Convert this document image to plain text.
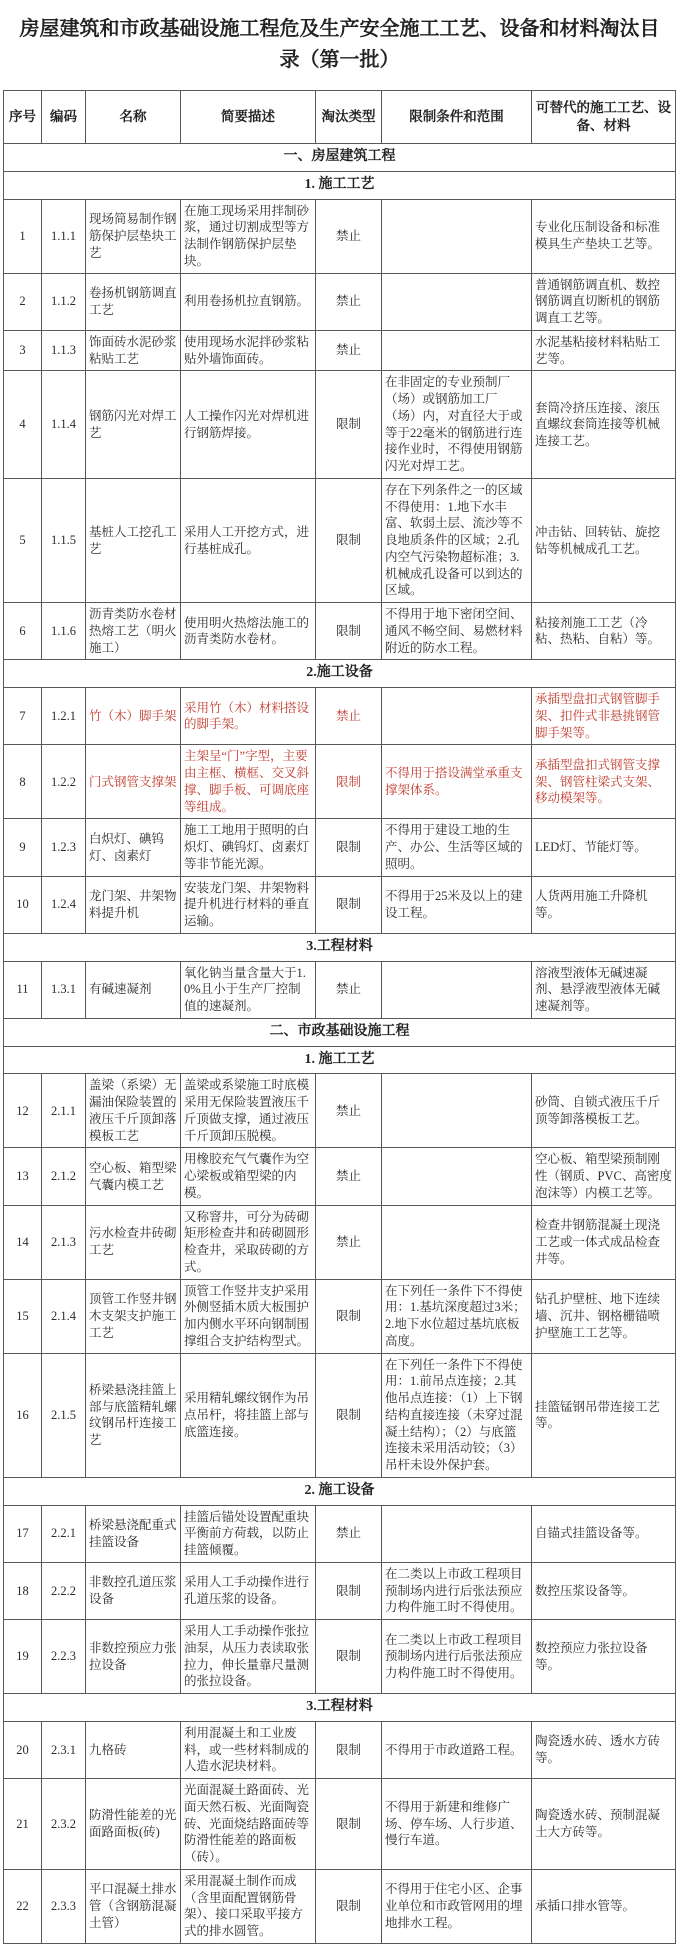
房屋建筑和市政基础设施工程危及生产安全施工工艺、设备和材料淘汰目录（第一批）
序号	编码	名称	简要描述	淘汰类型	限制条件和范围	可替代的施工工艺、设备、材料
一、房屋建筑工程						
1. 施工工艺						
1	1.1.1	现场简易制作钢筋保护层垫块工艺	在施工现场采用拌制砂浆，通过切割成型等方法制作钢筋保护层垫块。	禁止		专业化压制设备和标准模具生产垫块工艺等。
2	1.1.2	卷扬机钢筋调直工艺	利用卷扬机拉直钢筋。	禁止		普通钢筋调直机、数控钢筋调直切断机的钢筋调直工艺等。
3	1.1.3	饰面砖水泥砂浆粘贴工艺	使用现场水泥拌砂浆粘贴外墙饰面砖。	禁止		水泥基粘接材料粘贴工艺等。
4	1.1.4	钢筋闪光对焊工艺	人工操作闪光对焊机进行钢筋焊接。	限制	在非固定的专业预制厂（场）或钢筋加工厂（场）内，对直径大于或等于22毫米的钢筋进行连接作业时，不得使用钢筋闪光对焊工艺。	套筒冷挤压连接、滚压直螺纹套筒连接等机械连接工艺。
5	1.1.5	基桩人工挖孔工艺	采用人工开挖方式，进行基桩成孔。	限制	存在下列条件之一的区域不得使用：1.地下水丰富、软弱土层、流沙等不良地质条件的区域；2.孔内空气污染物超标准；3.机械成孔设备可以到达的区域。	冲击钻、回转钻、旋挖钻等机械成孔工艺。
6	1.1.6	沥青类防水卷材热熔工艺（明火施工）	使用明火热熔法施工的沥青类防水卷材。	限制	不得用于地下密闭空间、通风不畅空间、易燃材料附近的防水工程。	粘接剂施工工艺（冷粘、热粘、自粘）等。
2.施工设备						
7	1.2.1	竹（木）脚手架	采用竹（木）材料搭设的脚手架。	禁止		承插型盘扣式钢管脚手架、扣件式非悬挑钢管脚手架等。
8	1.2.2	门式钢管支撑架	主架呈“门”字型，主要由主框、横框、交叉斜撑、脚手板、可调底座等组成。	限制	不得用于搭设满堂承重支撑架体系。	承插型盘扣式钢管支撑架、钢管柱梁式支架、移动模架等。
9	1.2.3	白炽灯、碘钨灯、卤素灯	施工工地用于照明的白炽灯、碘钨灯、卤素灯等非节能光源。	限制	不得用于建设工地的生产、办公、生活等区域的照明。	LED灯、节能灯等。
10	1.2.4	龙门架、井架物料提升机	安装龙门架、井架物料提升机进行材料的垂直运输。	限制	不得用于25米及以上的建设工程。	人货两用施工升降机等。
3.工程材料						
11	1.3.1	有碱速凝剂	氧化钠当量含量大于1.0%且小于生产厂控制值的速凝剂。	禁止		溶液型液体无碱速凝剂、悬浮液型液体无碱速凝剂等。
二、市政基础设施工程						
1. 施工工艺						
12	2.1.1	盖梁（系梁）无漏油保险装置的液压千斤顶卸落模板工艺	盖梁或系梁施工时底模采用无保险装置液压千斤顶做支撑，通过液压千斤顶卸压脱模。	禁止		砂筒、自锁式液压千斤顶等卸落模板工艺。
13	2.1.2	空心板、箱型梁气囊内模工艺	用橡胶充气气囊作为空心梁板或箱型梁的内模。	禁止		空心板、箱型梁预制刚性（钢质、PVC、高密度泡沫等）内模工艺等。
14	2.1.3	污水检查井砖砌工艺	又称窨井，可分为砖砌矩形检查井和砖砌圆形检查井，采取砖砌的方式。	禁止		检查井钢筋混凝土现浇工艺或一体式成品检查井等。
15	2.1.4	顶管工作竖井钢木支架支护施工工艺	顶管工作竖井支护采用外侧竖插木质大板围护加内侧水平环向钢制围撑组合支护结构型式。	限制	在下列任一条件下不得使用：1.基坑深度超过3米；2.地下水位超过基坑底板高度。	钻孔护壁桩、地下连续墙、沉井、钢格栅锚喷护壁施工工艺等。
16	2.1.5	桥梁悬浇挂篮上部与底篮精轧螺纹钢吊杆连接工艺	采用精轧螺纹钢作为吊点吊杆，将挂篮上部与底篮连接。	限制	在下列任一条件下不得使用：1.前吊点连接；2.其他吊点连接：（1）上下钢结构直接连接（未穿过混凝土结构）；（2）与底篮连接未采用活动铰；（3）吊杆未设外保护套。	挂篮锰钢吊带连接工艺等。
2. 施工设备						
17	2.2.1	桥梁悬浇配重式挂篮设备	挂篮后锚处设置配重块平衡前方荷载，以防止挂篮倾覆。	禁止		自锚式挂篮设备等。
18	2.2.2	非数控孔道压浆设备	采用人工手动操作进行孔道压浆的设备。	限制	在二类以上市政工程项目预制场内进行后张法预应力构件施工时不得使用。	数控压浆设备等。
19	2.2.3	非数控预应力张拉设备	采用人工手动操作张拉油泵，从压力表读取张拉力，伸长量靠尺量测的张拉设备。	限制	在二类以上市政工程项目预制场内进行后张法预应力构件施工时不得使用。	数控预应力张拉设备等。
3.工程材料						
20	2.3.1	九格砖	利用混凝土和工业废料，或一些材料制成的人造水泥块材料。	限制	不得用于市政道路工程。	陶瓷透水砖、透水方砖等。
21	2.3.2	防滑性能差的光面路面板(砖)	光面混凝土路面砖、光面天然石板、光面陶瓷砖、光面烧结路面砖等防滑性能差的路面板（砖）。	限制	不得用于新建和维修广场、停车场、人行步道、慢行车道。	陶瓷透水砖、预制混凝土大方砖等。
22	2.3.3	平口混凝土排水管（含钢筋混凝土管）	采用混凝土制作而成（含里面配置钢筋骨架）、接口采取平接方式的排水圆管。	限制	不得用于住宅小区、企事业单位和市政管网用的埋地排水工程。	承插口排水管等。
